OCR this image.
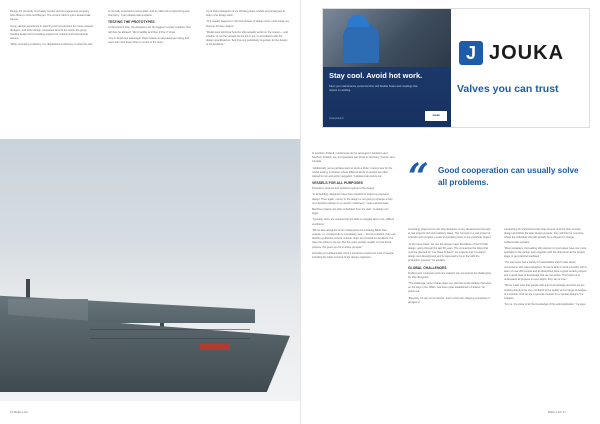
Design AS presently is privately owned, and its engineering company with offices in Oslo and Bergen. The current CEO is Lyle Lahteenmaki, Sensei.

Its key design experience in planning and conversions for cruise vessels, dredgers, and other design companies around the world, the group handles design and consulting projects for vessels and international owners.

“When accepting a delivery, it is dispatched at all times on what the ship

is normally expected to accomplish, and to make risk of quenching and chemistry,” Lyle Lahteenmaki explains.

TESTING THE PROTOTYPES

At the present time, the designers are the biggest in-order suppliers that will then be allowed: “We’d validity and then it’ll be it” show.

“Any in-depth two passenger ships receive an all-passenger rating and more than who knew when it comes to the tests.”

Up to sharp designers of ice Working-class models and prototypes to help in the design work.

“The usually happens in the final phases of design when most things are fixed up for later stages.”

“Model tests will show how the ship actually works on the vessel — and whether or not the vessels do the job in ice, in accordance with the design specifications. Test trips are particularly important for the design of ice-breakers.”

16 Baltic Link
Stay cool. Avoid hot work.
Save your maintenance personnel time with flexible hoses and couplings that require no welding.
www.jouka.fi
Jouka
J JOUKA
Valves you can trust

In southern Finland, model tests can be arranged in Southern and Northern Finland, too, but operators can travel to Germany, France, and Canada.

“Additionally, some perhaps want to study a Polar, I cannot see for the model testing, in Russia, where different kinds of vessels are often trained for ice and arctic navigation.” Lahteenmaki points out.

VESSELS FOR ALL PURPOSES

Propulsion projects and problems typical of the design.

“In all building, designers have been thankful to project a proposed design. Then again, money in the design is not going to change a help on propulsion design on a vessel’s machinery,” notes Lahteenmaki.

Machine projects are often scheduled from the start, so design can begin.

“Typically, there are vessels that are able to navigate also in ice, difficult conditions.”

“We’ve also designed some multipurpose ice-breaking Baltic Sea vessels, i.e. corresponds to completely new — but ice resistant, they can double up offshore service vessels, ships as principal ice-breakers, but have the option to lay ice. But the more vessels usually on how these projects, the good you for in-shore purpose.”

According to Lahteenmaki, there’s important projects for a lot of people, including the basic concept of the design engineers.

something projects from the ship designers of any development through to real projects with strict delivery dates. The concept to a real project is stressful and complex. Levels of operating team to any particular project.

“At the same basic, we use the design major disciplines of the Finnish design, going through the last 50 years. The connection the ships that must be planned for “Ice Class Finland,” ice projects and “Ice-plans” design and development and is supposed to be in line with the production process.” he explains.

GLOBAL CHALLENGES

Finding new customers and new markets can sometimes be challenging for ship designers.

“The challenge, since it takes ships out, that the world markets that were on the ship in the 1990s, has been quite established in Finland,” he points out.

“Recently, I’d see some interest, and is a few are shipping companies in all ages of

Contracting for shipowners help ship owners. And the ship concept design and follow the later design process, they will then be a service, where the individual ship will actually be a shipyard in charge, Lahteenmaki explains.

“Most nowadays, the leading ship owners in most cases have one more specialist in the design team together with the shipowner at the project stage to get practical feedback.”

“Our own team has a variety of nationalities and it’s also about connections with other designers. So we’re able to work smoothly with a team of over 300 people and all disciplines have a good working rapport and a good base of knowledge that we can share. This helps us to understand all projects in even depth, they say is time.”

“We’ve made sure that people with a lot of knowledge and how we are treating clients to be very confident in the quality and a range of designs of a solution. And we are a general contract for a special designs,” he explains.

“For us, the value of all the knowledge of this solid dedication,” he says.

“ Good cooperation can usually solve all problems.
Baltic Link 17
